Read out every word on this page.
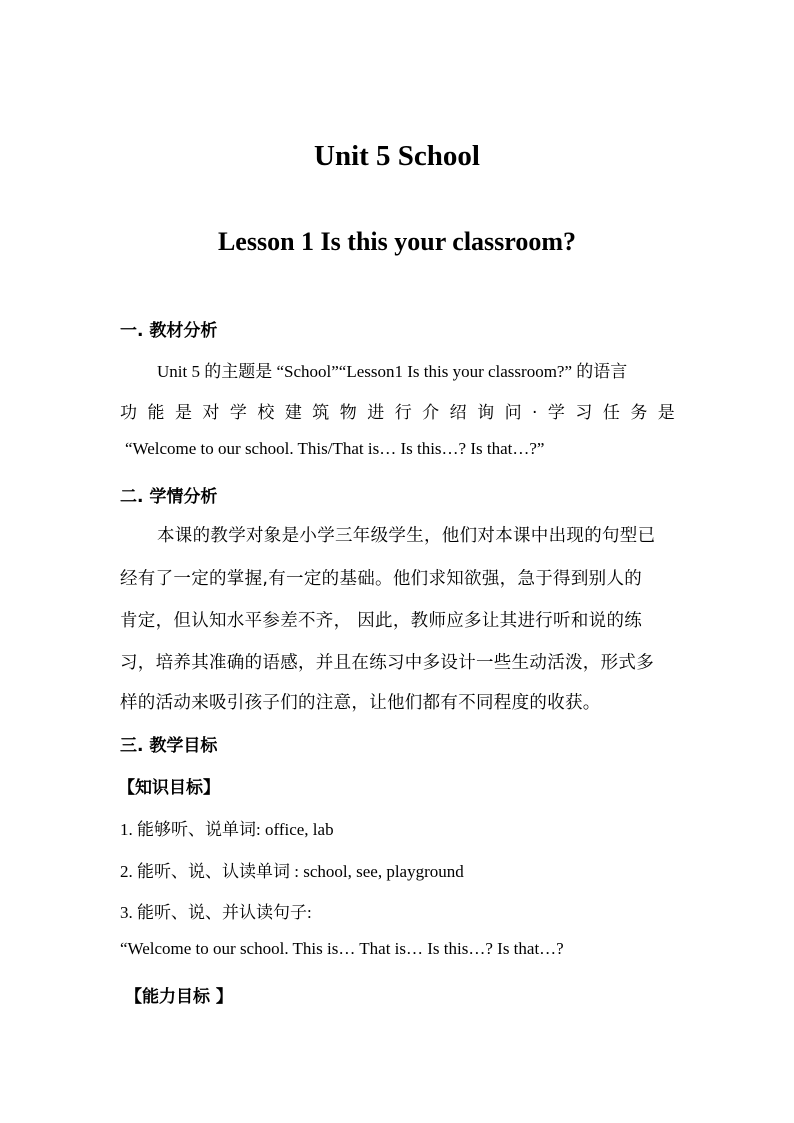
Unit 5 School
Lesson 1 Is this your classroom?
一. 教材分析
Unit 5 的主题是 “School”“Lesson1 Is this your classroom?” 的语言
功 能 是 对 学 校 建 筑 物 进 行 介 绍 询 问 . 学 习 任 务 是
“Welcome to our school. This/That is… Is this…? Is that…?”
二. 学情分析
本课的教学对象是小学三年级学生，他们对本课中出现的句型已
经有了一定的掌握,有一定的基础。他们求知欲强，急于得到别人的
肯定，但认知水平参差不齐， 因此，教师应多让其进行听和说的练
习，培养其准确的语感，并且在练习中多设计一些生动活泼，形式多
样的活动来吸引孩子们的注意，让他们都有不同程度的收获。
三. 教学目标
【知识目标】
1. 能够听、说单词: office, lab
2. 能听、说、认读单词 : school, see, playground
3. 能听、说、并认读句子:
“Welcome to our school. This is… That is… Is this…? Is that…?
【能力目标 】
